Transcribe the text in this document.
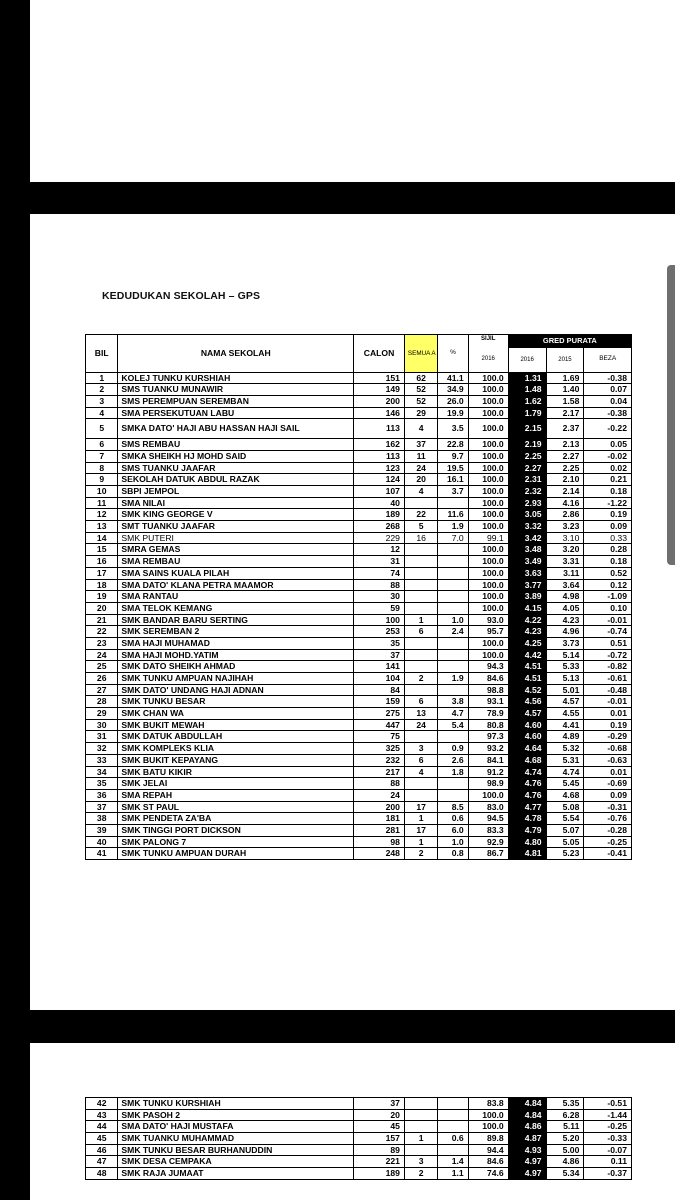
KEDUDUKAN SEKOLAH – GPS
BIL	NAMA SEKOLAH	CALON	SEMUA A	%	SIJIL	GRED PURATA		
					2016	2016	2015	BEZA
1	KOLEJ TUNKU KURSHIAH	151	62	41.1	100.0	1.31	1.69	-0.38
2	SMS TUANKU MUNAWIR	149	52	34.9	100.0	1.48	1.40	0.07
3	SMS PEREMPUAN SEREMBAN	200	52	26.0	100.0	1.62	1.58	0.04
4	SMA PERSEKUTUAN LABU	146	29	19.9	100.0	1.79	2.17	-0.38
5	SMKA DATO' HAJI ABU HASSAN HAJI SAIL	113	4	3.5	100.0	2.15	2.37	-0.22
6	SMS REMBAU	162	37	22.8	100.0	2.19	2.13	0.05
7	SMKA SHEIKH HJ MOHD SAID	113	11	9.7	100.0	2.25	2.27	-0.02
8	SMS TUANKU JAAFAR	123	24	19.5	100.0	2.27	2.25	0.02
9	SEKOLAH DATUK ABDUL RAZAK	124	20	16.1	100.0	2.31	2.10	0.21
10	SBPI JEMPOL	107	4	3.7	100.0	2.32	2.14	0.18
11	SMA NILAI	40			100.0	2.93	4.16	-1.22
12	SMK KING GEORGE V	189	22	11.6	100.0	3.05	2.86	0.19
13	SMT TUANKU JAAFAR	268	5	1.9	100.0	3.32	3.23	0.09
14	SMK PUTERI	229	16	7.0	99.1	3.42	3.10	0.33
15	SMRA GEMAS	12			100.0	3.48	3.20	0.28
16	SMA REMBAU	31			100.0	3.49	3.31	0.18
17	SMA SAINS KUALA PILAH	74			100.0	3.63	3.11	0.52
18	SMA DATO' KLANA PETRA MAAMOR	88			100.0	3.77	3.64	0.12
19	SMA RANTAU	30			100.0	3.89	4.98	-1.09
20	SMA TELOK KEMANG	59			100.0	4.15	4.05	0.10
21	SMK BANDAR BARU SERTING	100	1	1.0	93.0	4.22	4.23	-0.01
22	SMK SEREMBAN 2	253	6	2.4	95.7	4.23	4.96	-0.74
23	SMA HAJI MUHAMAD	35			100.0	4.25	3.73	0.51
24	SMA HAJI MOHD.YATIM	37			100.0	4.42	5.14	-0.72
25	SMK DATO SHEIKH AHMAD	141			94.3	4.51	5.33	-0.82
26	SMK TUNKU AMPUAN NAJIHAH	104	2	1.9	84.6	4.51	5.13	-0.61
27	SMK DATO' UNDANG HAJI ADNAN	84			98.8	4.52	5.01	-0.48
28	SMK TUNKU BESAR	159	6	3.8	93.1	4.56	4.57	-0.01
29	SMK CHAN WA	275	13	4.7	78.9	4.57	4.55	0.01
30	SMK BUKIT MEWAH	447	24	5.4	80.8	4.60	4.41	0.19
31	SMK DATUK ABDULLAH	75			97.3	4.60	4.89	-0.29
32	SMK KOMPLEKS KLIA	325	3	0.9	93.2	4.64	5.32	-0.68
33	SMK BUKIT KEPAYANG	232	6	2.6	84.1	4.68	5.31	-0.63
34	SMK BATU KIKIR	217	4	1.8	91.2	4.74	4.74	0.01
35	SMK JELAI	88			98.9	4.76	5.45	-0.69
36	SMA REPAH	24			100.0	4.76	4.68	0.09
37	SMK ST PAUL	200	17	8.5	83.0	4.77	5.08	-0.31
38	SMK PENDETA ZA'BA	181	1	0.6	94.5	4.78	5.54	-0.76
39	SMK TINGGI PORT DICKSON	281	17	6.0	83.3	4.79	5.07	-0.28
40	SMK PALONG 7	98	1	1.0	92.9	4.80	5.05	-0.25
41	SMK TUNKU AMPUAN DURAH	248	2	0.8	86.7	4.81	5.23	-0.41
42	SMK TUNKU KURSHIAH	37			83.8	4.84	5.35	-0.51
43	SMK PASOH 2	20			100.0	4.84	6.28	-1.44
44	SMA DATO' HAJI MUSTAFA	45			100.0	4.86	5.11	-0.25
45	SMK TUANKU MUHAMMAD	157	1	0.6	89.8	4.87	5.20	-0.33
46	SMK TUNKU BESAR BURHANUDDIN	89			94.4	4.93	5.00	-0.07
47	SMK DESA CEMPAKA	221	3	1.4	84.6	4.97	4.86	0.11
48	SMK RAJA JUMAAT	189	2	1.1	74.6	4.97	5.34	-0.37
